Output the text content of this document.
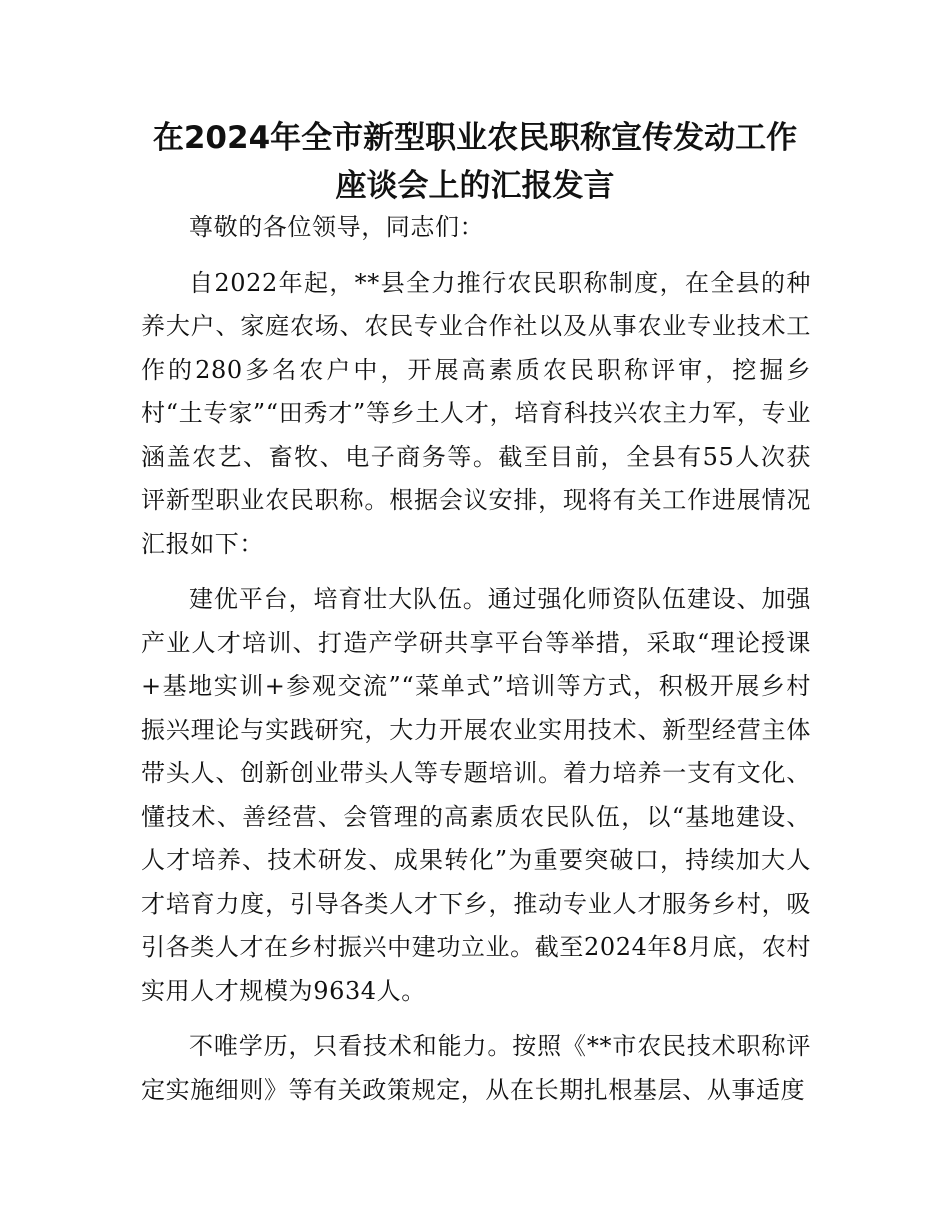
在2024年全市新型职业农民职称宣传发动工作
座谈会上的汇报发言

尊敬的各位领导，同志们：

自2022年起，**县全力推行农民职称制度，在全县的种养大户、家庭农场、农民专业合作社以及从事农业专业技术工作的280多名农户中，开展高素质农民职称评审，挖掘乡村“土专家”“田秀才”等乡土人才，培育科技兴农主力军，专业涵盖农艺、畜牧、电子商务等。截至目前，全县有55人次获评新型职业农民职称。根据会议安排，现将有关工作进展情况汇报如下：

建优平台，培育壮大队伍。通过强化师资队伍建设、加强产业人才培训、打造产学研共享平台等举措，采取“理论授课+基地实训+参观交流”“菜单式”培训等方式，积极开展乡村振兴理论与实践研究，大力开展农业实用技术、新型经营主体带头人、创新创业带头人等专题培训。着力培养一支有文化、懂技术、善经营、会管理的高素质农民队伍，以“基地建设、人才培养、技术研发、成果转化”为重要突破口，持续加大人才培育力度，引导各类人才下乡，推动专业人才服务乡村，吸引各类人才在乡村振兴中建功立业。截至2024年8月底，农村实用人才规模为9634人。

不唯学历，只看技术和能力。按照《**市农民技术职称评定实施细则》等有关政策规定，从在长期扎根基层、从事适度
